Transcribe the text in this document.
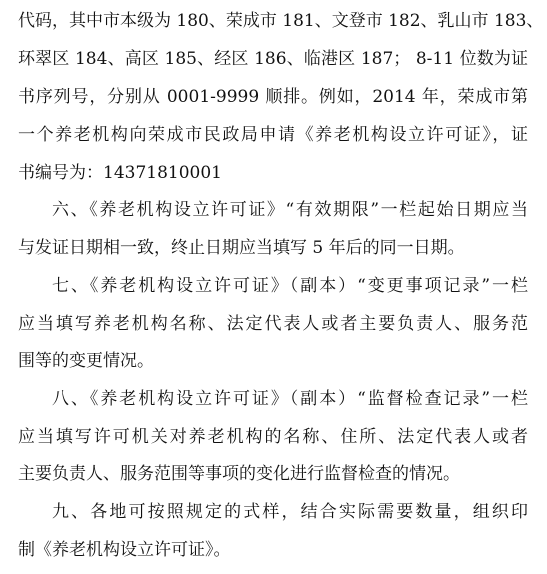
代码，其中市本级为 180、荣成市 181、文登市 182、乳山市 183、
环翠区 184、高区 185、经区 186、临港区 187； 8-11 位数为证
书序列号，分别从 0001-9999 顺排。例如，2014 年，荣成市第
一个养老机构向荣成市民政局申请《养老机构设立许可证》，证
书编号为：14371810001
六、《养老机构设立许可证》“有效期限”一栏起始日期应当
与发证日期相一致，终止日期应当填写 5 年后的同一日期。
七、《养老机构设立许可证》（副本）“变更事项记录”一栏
应当填写养老机构名称、法定代表人或者主要负责人、服务范
围等的变更情况。
八、《养老机构设立许可证》（副本）“监督检查记录”一栏
应当填写许可机关对养老机构的名称、住所、法定代表人或者
主要负责人、服务范围等事项的变化进行监督检查的情况。
九、各地可按照规定的式样，结合实际需要数量，组织印
制《养老机构设立许可证》。
